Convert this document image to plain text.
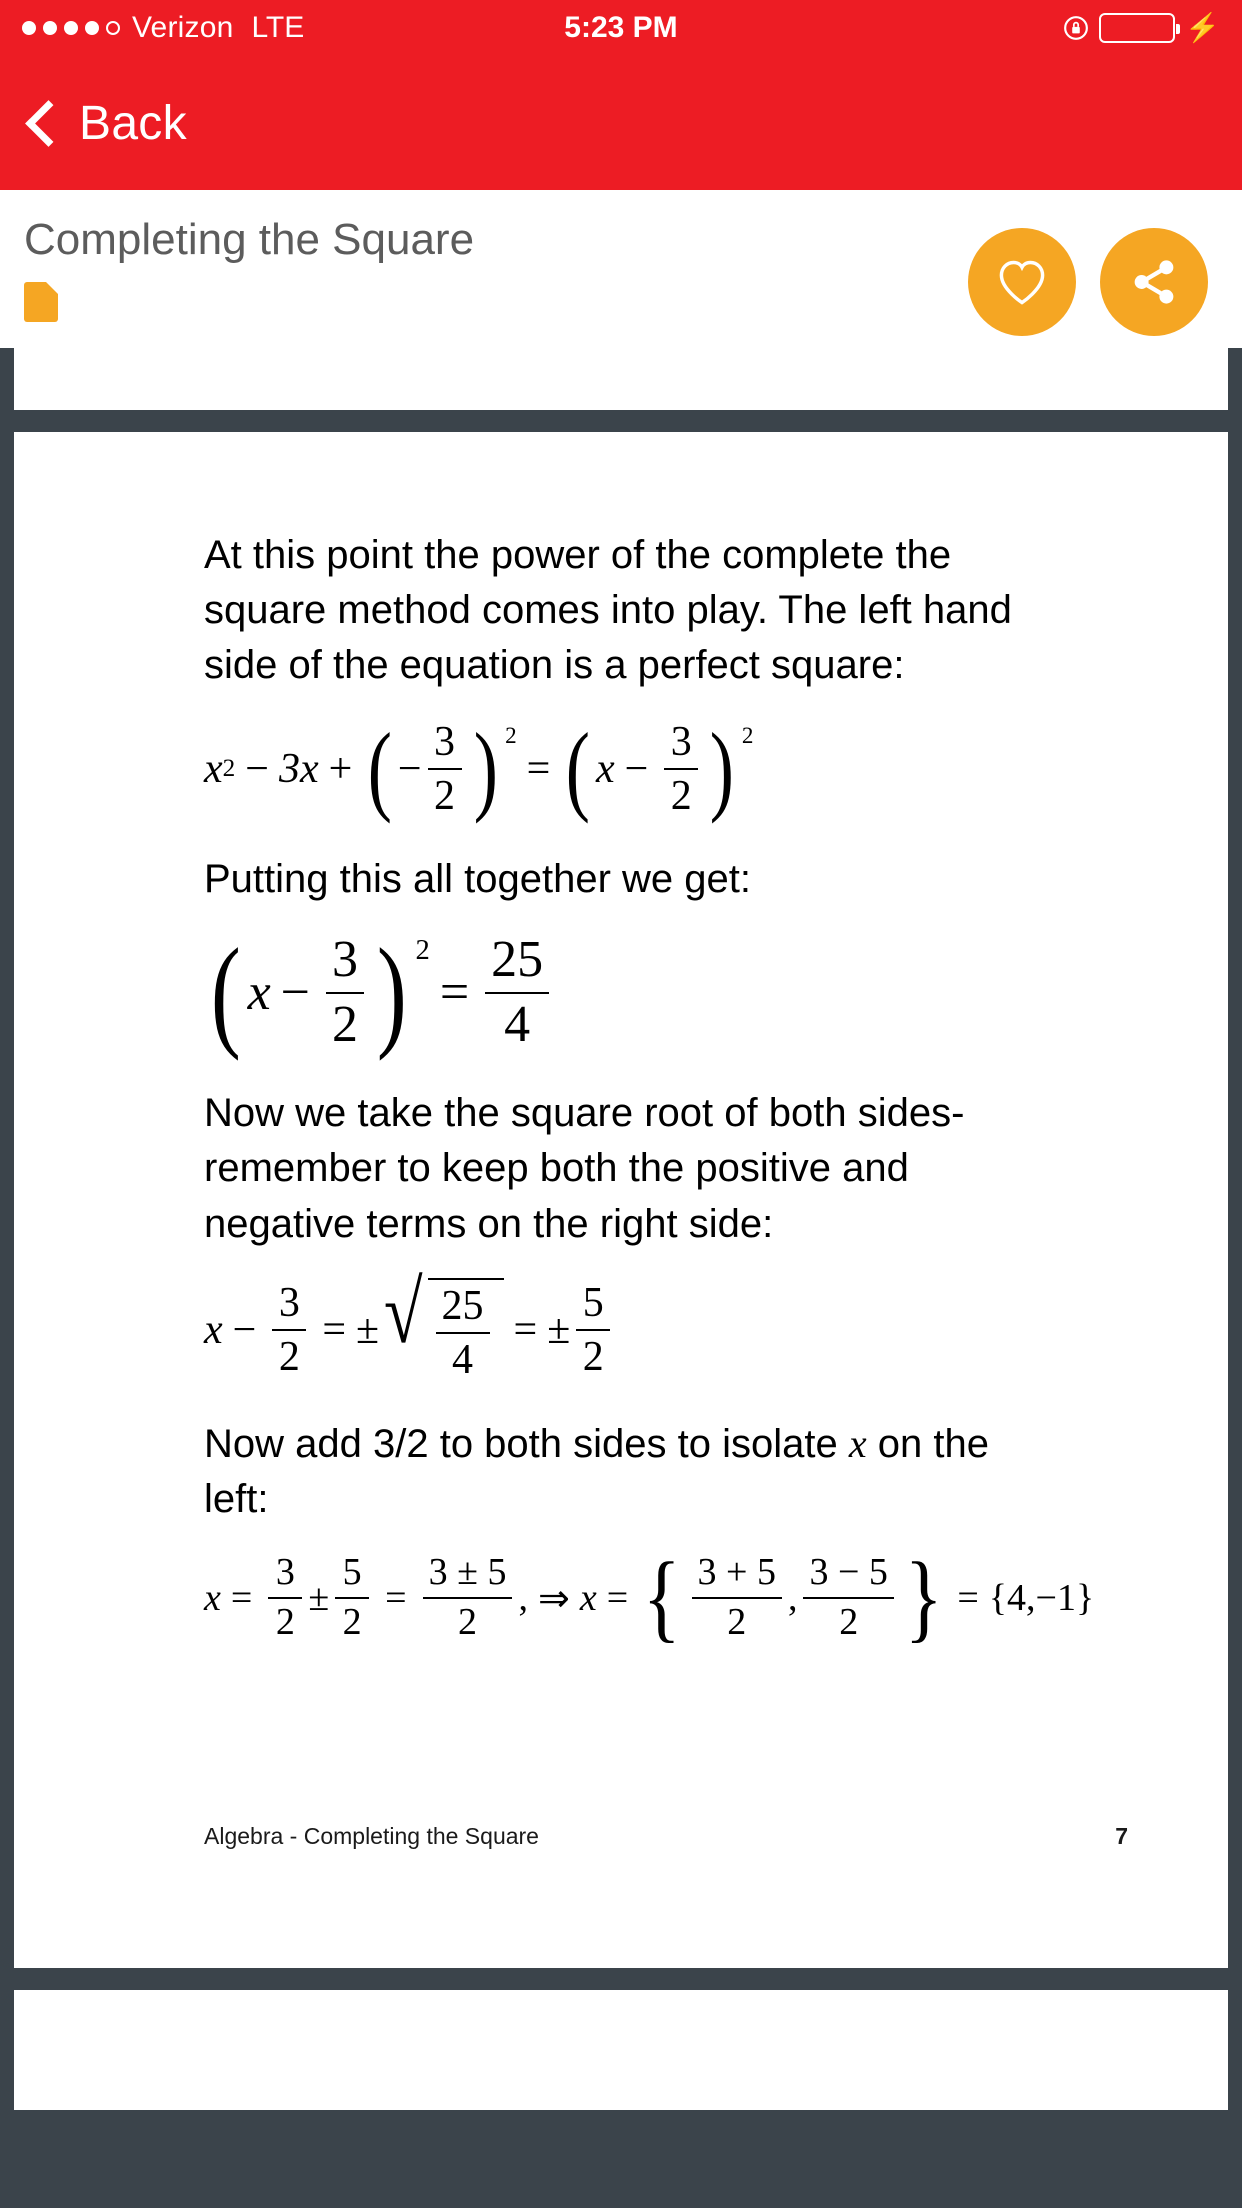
Verizon LTE	5:23 PM	⚡
Back
Completing the Square

At this point the power of the complete the square method comes into play. The left hand side of the equation is a perfect square:

x 2 − 3x + ( − $\frac{3}{2}$ ) 2
= ( $x - \frac{3}{2}$ ) 2

Putting this all together we get:

( $x - \frac{3}{2}$ ) 2
= $\frac{25}{4}$

Now we take the square root of both sides- remember to keep both the positive and negative terms on the right side:

$x - \frac{3}{2}$ = ± √ $\frac{25}{4}$ = ± $\frac{5}{2}$

Now add 3/2 to both sides to isolate x on the left:

$x = \frac{3}{2} \pm \frac{5}{2} = \frac{3 \pm 5}{2}$ , ⇒ x = { $\frac{3 + 5}{2}$ , $\frac{3 - 5}{2}$ } = {4,−1}
Algebra - Completing the Square	7
